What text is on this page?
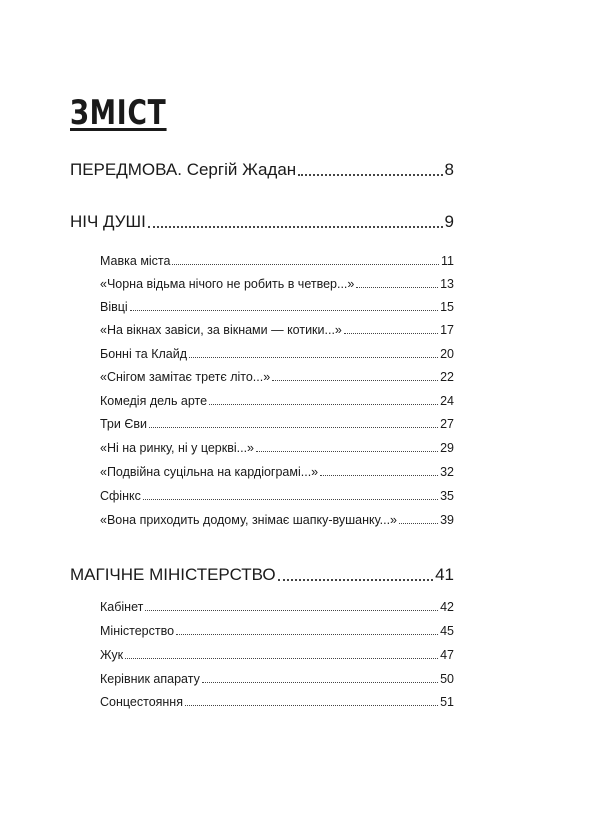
ЗМІСТ
ПЕРЕДМОВА. Сергій Жадан	8
НІЧ ДУШІ	9
Мавка міста	11
«Чорна відьма нічого не робить в четвер...»	13
Вівці	15
«На вікнах завіси, за вікнами — котики...»	17
Бонні та Клайд	20
«Снігом замітає третє літо...»	22
Комедія дель арте	24
Три Єви	27
«Ні на ринку, ні у церкві...»	29
«Подвійна суцільна на кардіограмі...»	32
Сфінкс	35
«Вона приходить додому, знімає шапку-вушанку...»	39
МАГІЧНЕ МІНІСТЕРСТВО	41
Кабінет	42
Міністерство	45
Жук	47
Керівник апарату	50
Сонцестояння	51
